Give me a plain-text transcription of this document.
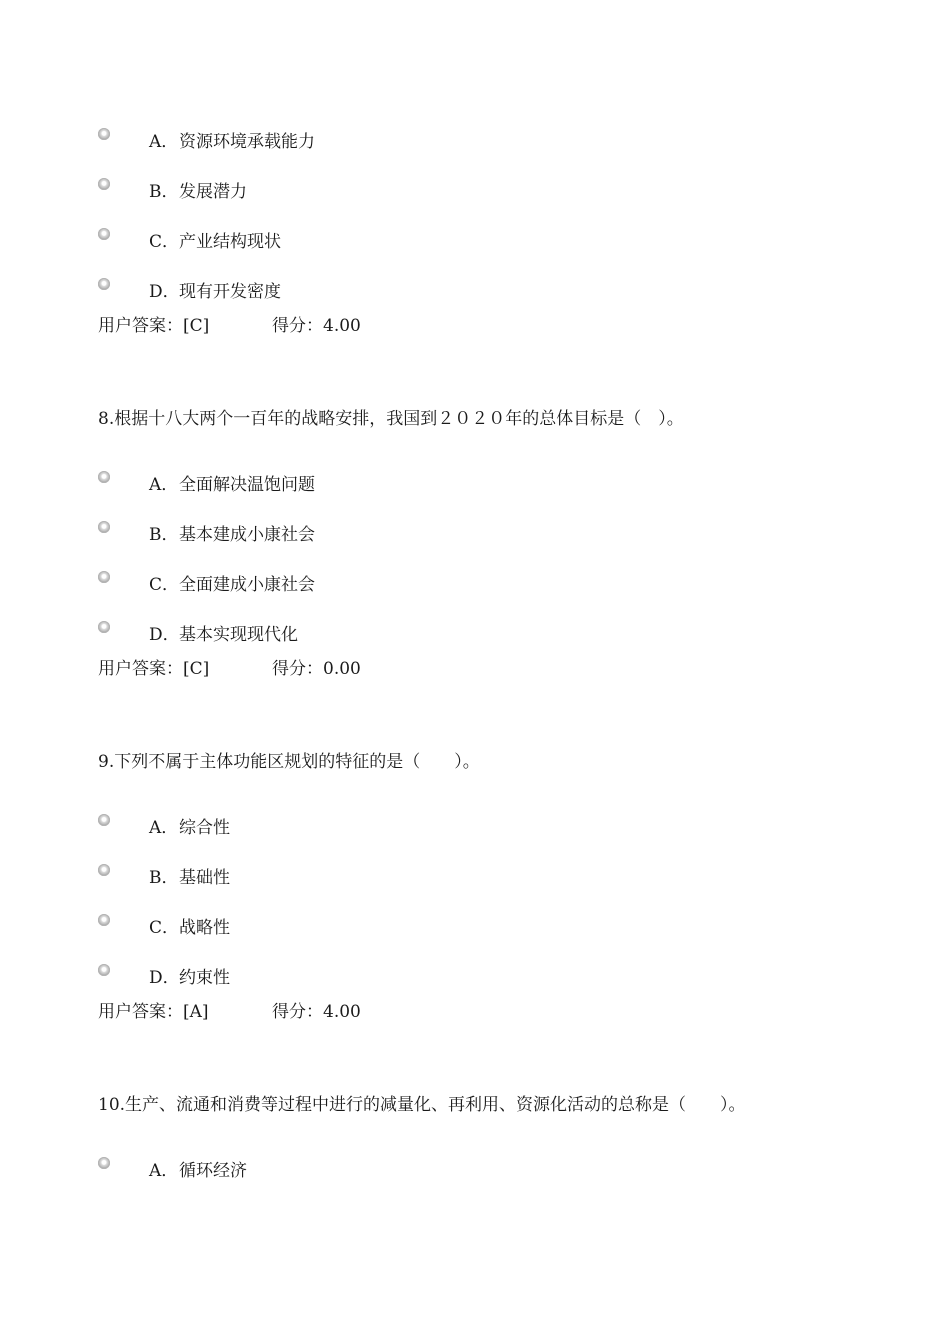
A． 资源环境承载能力
B． 发展潜力
C． 产业结构现状
D． 现有开发密度
用户答案：[C]	得分：4.00
8.根据十八大两个一百年的战略安排，我国到２０２０年的总体目标是（　）。
A． 全面解决温饱问题
B． 基本建成小康社会
C． 全面建成小康社会
D． 基本实现现代化
用户答案：[C]	得分：0.00
9.下列不属于主体功能区规划的特征的是（　　）。
A． 综合性
B． 基础性
C． 战略性
D． 约束性
用户答案：[A]	得分：4.00
10.生产、流通和消费等过程中进行的减量化、再利用、资源化活动的总称是（　　）。
A． 循环经济
